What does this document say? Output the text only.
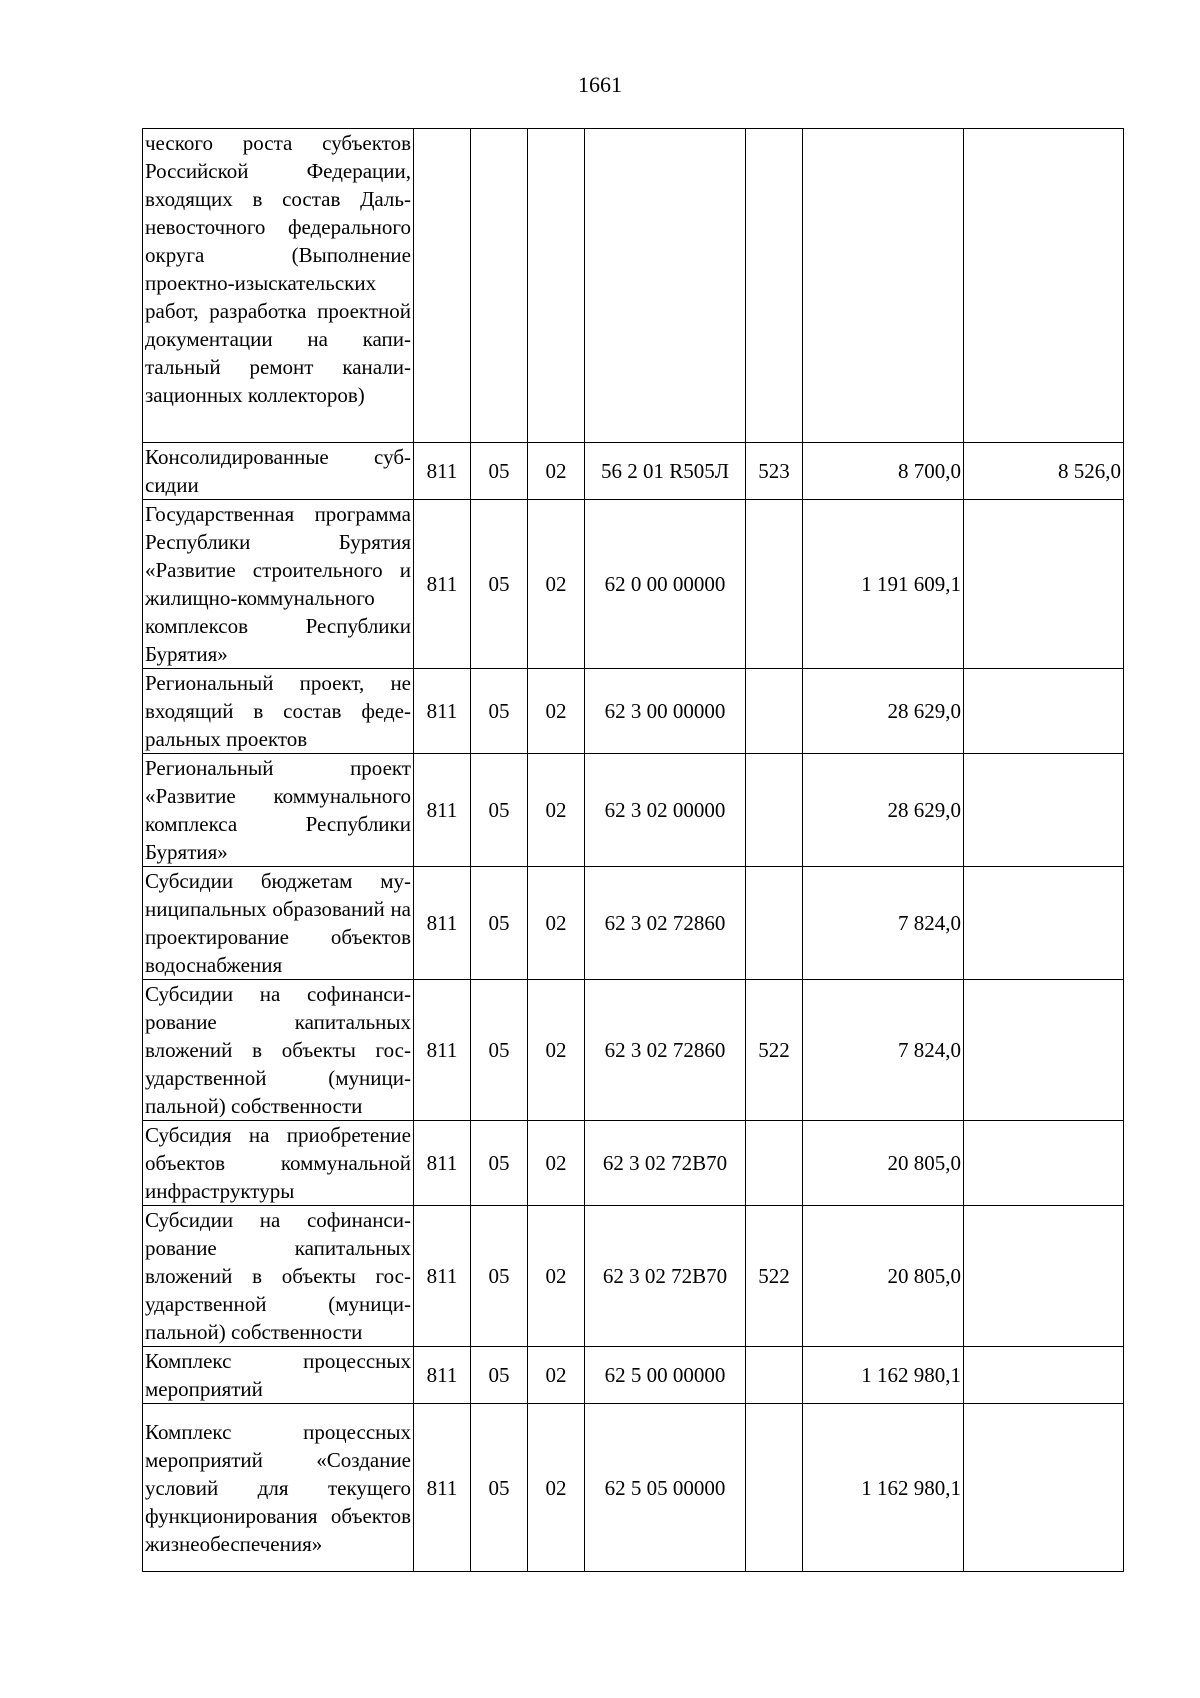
1661
ческого роста субъектов Российской Федерации, входящих в состав Дальневосточного федерального округа (Выполнение проектно-изыскательских работ, разработка проектной документации на капитальный ремонт канализационных коллекторов)							
Консолидированные субсидии	811	05	02	56 2 01 R505Л	523	8 700,0	8 526,0
Государственная программа Республики Бурятия «Развитие строительного и жилищно-коммунального комплексов Республики Бурятия»	811	05	02	62 0 00 00000		1 191 609,1	
Региональный проект, не входящий в состав федеральных проектов	811	05	02	62 3 00 00000		28 629,0	
Региональный проект «Развитие коммунального комплекса Республики Бурятия»	811	05	02	62 3 02 00000		28 629,0	
Субсидии бюджетам муниципальных образований на проектирование объектов водоснабжения	811	05	02	62 3 02 72860		7 824,0	
Субсидии на софинансирование капитальных вложений в объекты государственной (муниципальной) собственности	811	05	02	62 3 02 72860	522	7 824,0	
Субсидия на приобретение объектов коммунальной инфраструктуры	811	05	02	62 3 02 72В70		20 805,0	
Субсидии на софинансирование капитальных вложений в объекты государственной (муниципальной) собственности	811	05	02	62 3 02 72В70	522	20 805,0	
Комплекс процессных мероприятий	811	05	02	62 5 00 00000		1 162 980,1	
Комплекс процессных мероприятий «Создание условий для текущего функционирования объектов жизнеобеспечения»	811	05	02	62 5 05 00000		1 162 980,1	
